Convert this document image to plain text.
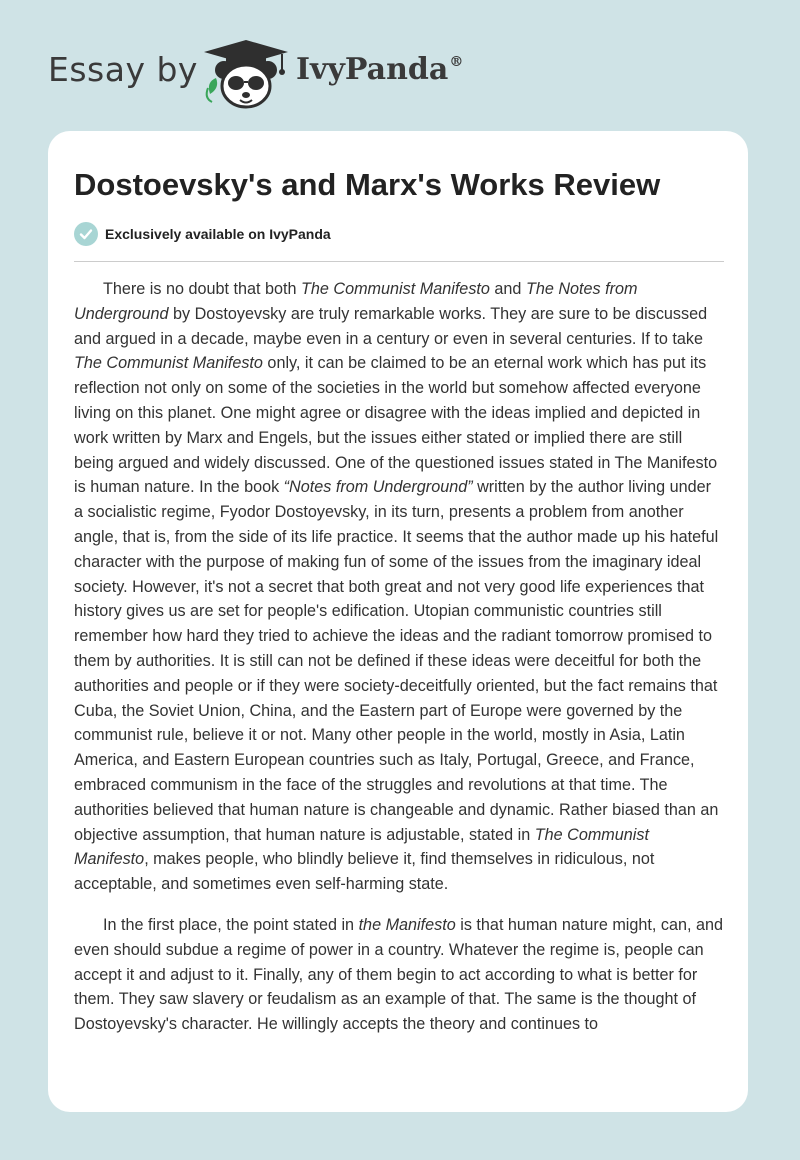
Essay by	IvyPanda®
Dostoevsky's and Marx's Works Review
Exclusively available on IvyPanda

There is no doubt that both The Communist Manifesto and The Notes from Underground by Dostoyevsky are truly remarkable works. They are sure to be discussed and argued in a decade, maybe even in a century or even in several centuries. If to take The Communist Manifesto only, it can be claimed to be an eternal work which has put its reflection not only on some of the societies in the world but somehow affected everyone living on this planet. One might agree or disagree with the ideas implied and depicted in work written by Marx and Engels, but the issues either stated or implied there are still being argued and widely discussed. One of the questioned issues stated in The Manifesto is human nature. In the book “Notes from Underground” written by the author living under a socialistic regime, Fyodor Dostoyevsky, in its turn, presents a problem from another angle, that is, from the side of its life practice. It seems that the author made up his hateful character with the purpose of making fun of some of the issues from the imaginary ideal society. However, it's not a secret that both great and not very good life experiences that history gives us are set for people's edification. Utopian communistic countries still remember how hard they tried to achieve the ideas and the radiant tomorrow promised to them by authorities. It is still can not be defined if these ideas were deceitful for both the authorities and people or if they were society-deceitfully oriented, but the fact remains that Cuba, the Soviet Union, China, and the Eastern part of Europe were governed by the communist rule, believe it or not. Many other people in the world, mostly in Asia, Latin America, and Eastern European countries such as Italy, Portugal, Greece, and France, embraced communism in the face of the struggles and revolutions at that time. The authorities believed that human nature is changeable and dynamic. Rather biased than an objective assumption, that human nature is adjustable, stated in The Communist Manifesto, makes people, who blindly believe it, find themselves in ridiculous, not acceptable, and sometimes even self-harming state.

In the first place, the point stated in the Manifesto is that human nature might, can, and even should subdue a regime of power in a country. Whatever the regime is, people can accept it and adjust to it. Finally, any of them begin to act according to what is better for them. They saw slavery or feudalism as an example of that. The same is the thought of Dostoyevsky's character. He willingly accepts the theory and continues to
